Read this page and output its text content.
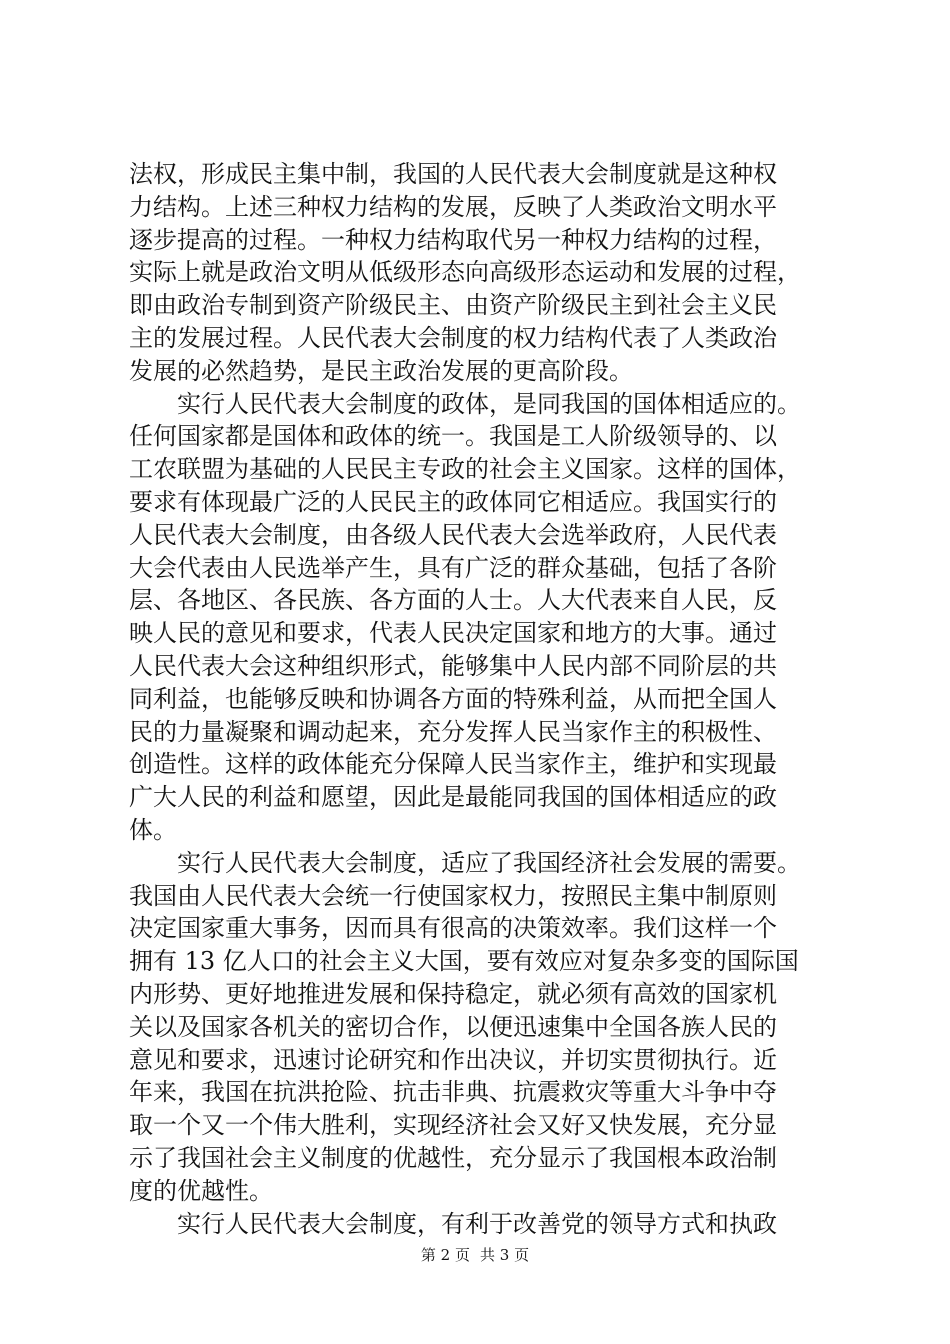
法权，形成民主集中制，我国的人民代表大会制度就是这种权
力结构。上述三种权力结构的发展，反映了人类政治文明水平
逐步提高的过程。一种权力结构取代另一种权力结构的过程，
实际上就是政治文明从低级形态向高级形态运动和发展的过程，
即由政治专制到资产阶级民主、由资产阶级民主到社会主义民
主的发展过程。人民代表大会制度的权力结构代表了人类政治
发展的必然趋势，是民主政治发展的更高阶段。
实行人民代表大会制度的政体，是同我国的国体相适应的。
任何国家都是国体和政体的统一。我国是工人阶级领导的、以
工农联盟为基础的人民民主专政的社会主义国家。这样的国体，
要求有体现最广泛的人民民主的政体同它相适应。我国实行的
人民代表大会制度，由各级人民代表大会选举政府，人民代表
大会代表由人民选举产生，具有广泛的群众基础，包括了各阶
层、各地区、各民族、各方面的人士。人大代表来自人民，反
映人民的意见和要求，代表人民决定国家和地方的大事。通过
人民代表大会这种组织形式，能够集中人民内部不同阶层的共
同利益，也能够反映和协调各方面的特殊利益，从而把全国人
民的力量凝聚和调动起来，充分发挥人民当家作主的积极性、
创造性。这样的政体能充分保障人民当家作主，维护和实现最
广大人民的利益和愿望，因此是最能同我国的国体相适应的政
体。
实行人民代表大会制度，适应了我国经济社会发展的需要。
我国由人民代表大会统一行使国家权力，按照民主集中制原则
决定国家重大事务，因而具有很高的决策效率。我们这样一个
拥有 13 亿人口的社会主义大国，要有效应对复杂多变的国际国
内形势、更好地推进发展和保持稳定，就必须有高效的国家机
关以及国家各机关的密切合作，以便迅速集中全国各族人民的
意见和要求，迅速讨论研究和作出决议，并切实贯彻执行。近
年来，我国在抗洪抢险、抗击非典、抗震救灾等重大斗争中夺
取一个又一个伟大胜利，实现经济社会又好又快发展，充分显
示了我国社会主义制度的优越性，充分显示了我国根本政治制
度的优越性。
实行人民代表大会制度，有利于改善党的领导方式和执政
第 2 页 共 3 页
